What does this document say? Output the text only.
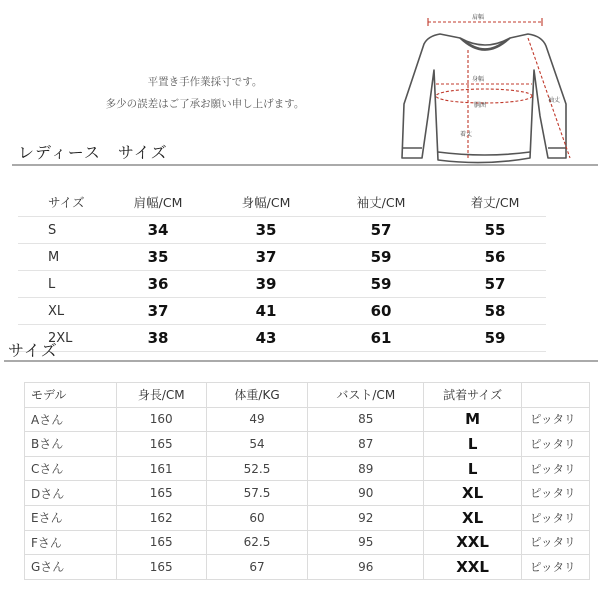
平置き手作業採寸です。
多少の誤差はご了承お願い申し上げます。
肩幅
身幅
胴囲
着丈
袖丈
レディース　サイズ
サイズ	肩幅/CM	身幅/CM	袖丈/CM	着丈/CM
S	34	35	57	55
M	35	37	59	56
L	36	39	59	57
XL	37	41	60	58
2XL	38	43	61	59
サイズ
モデル	身長/CM	体重/KG	バスト/CM	試着サイズ	
Aさん	160	49	85	M	ピッタリ
Bさん	165	54	87	L	ピッタリ
Cさん	161	52.5	89	L	ピッタリ
Dさん	165	57.5	90	XL	ピッタリ
Eさん	162	60	92	XL	ピッタリ
Fさん	165	62.5	95	XXL	ピッタリ
Gさん	165	67	96	XXL	ピッタリ
